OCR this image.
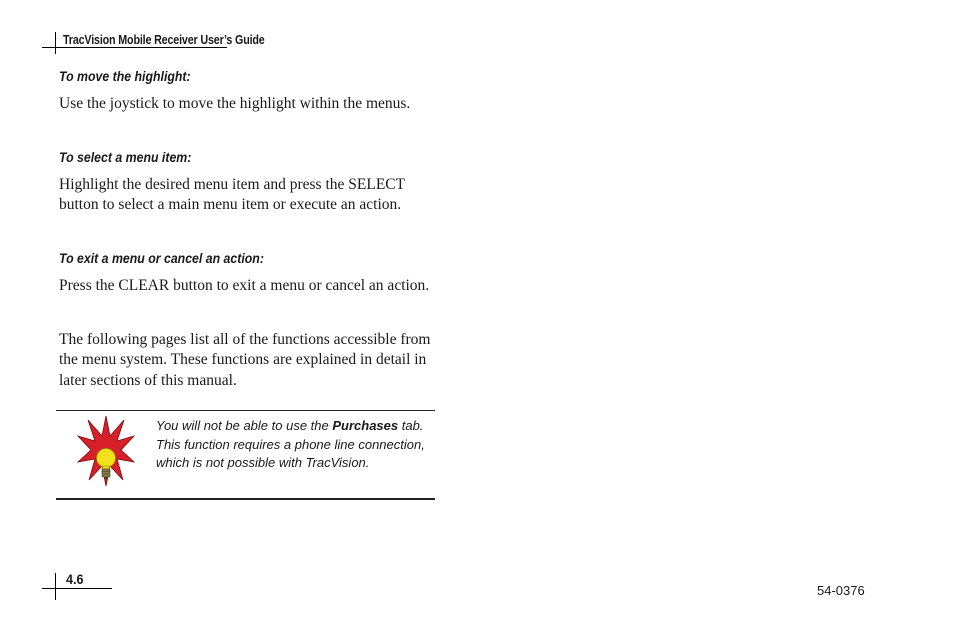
TracVision Mobile Receiver User’s Guide
To move the highlight:
Use the joystick to move the highlight within the menus.
To select a menu item:
Highlight the desired menu item and press the SELECT button to select a main menu item or execute an action.
To exit a menu or cancel an action:
Press the CLEAR button to exit a menu or cancel an action.
The following pages list all of the functions accessible from the menu system. These functions are explained in detail in later sections of this manual.
You will not be able to use the Purchases tab. This function requires a phone line connection, which is not possible with TracVision.
4.6
54-0376
